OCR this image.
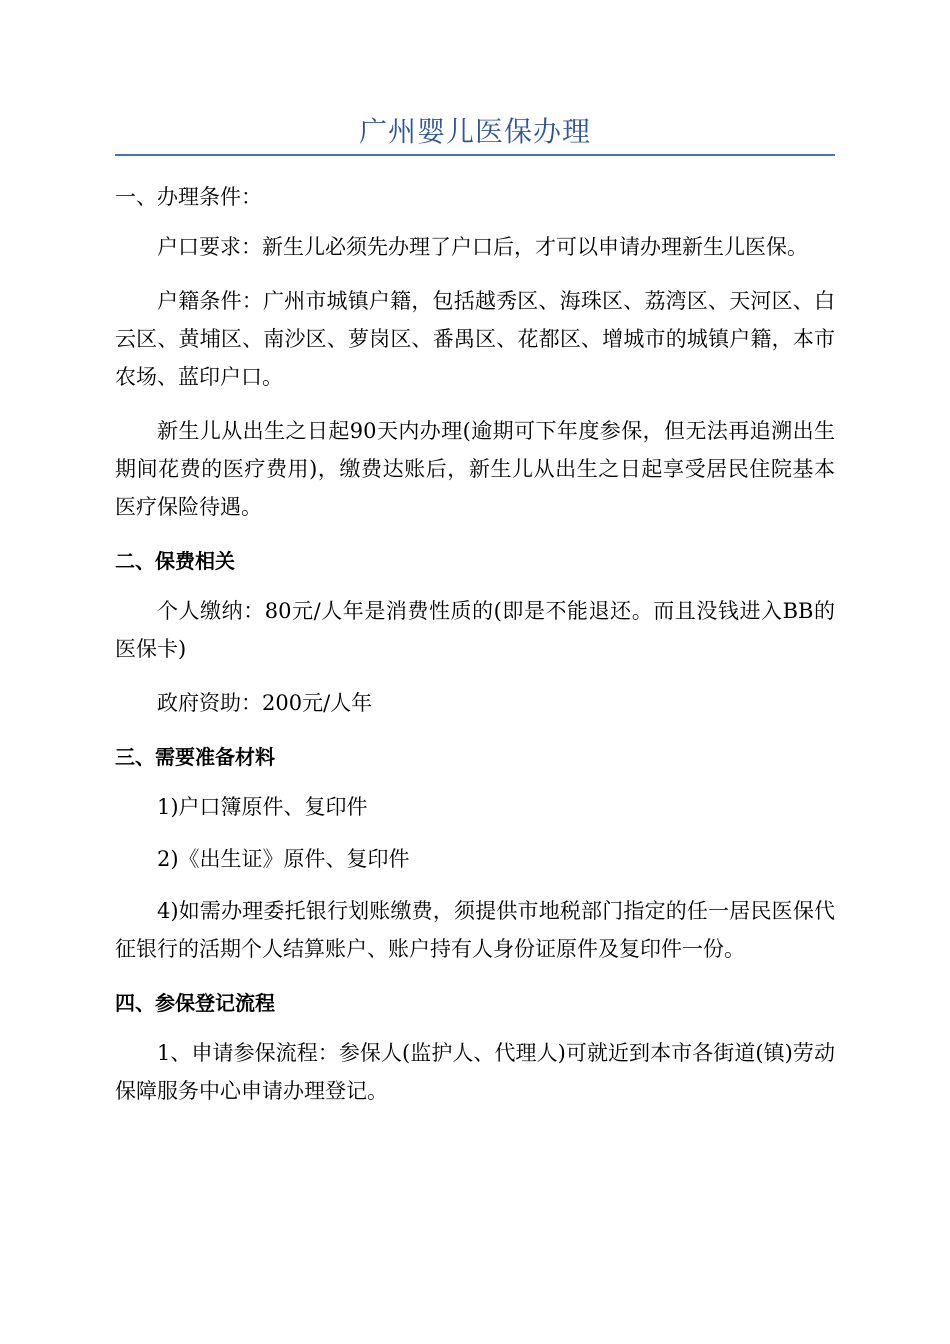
广州婴儿医保办理

一、办理条件：

户口要求：新生儿必须先办理了户口后，才可以申请办理新生儿医保。

户籍条件：广州市城镇户籍，包括越秀区、海珠区、荔湾区、天河区、白云区、黄埔区、南沙区、萝岗区、番禺区、花都区、增城市的城镇户籍，本市农场、蓝印户口。

新生儿从出生之日起90天内办理(逾期可下年度参保，但无法再追溯出生期间花费的医疗费用)，缴费达账后，新生儿从出生之日起享受居民住院基本医疗保险待遇。

二、保费相关

个人缴纳：80元/人年是消费性质的(即是不能退还。而且没钱进入BB的医保卡)

政府资助：200元/人年

三、需要准备材料

1)户口簿原件、复印件

2)《出生证》原件、复印件

4)如需办理委托银行划账缴费，须提供市地税部门指定的任一居民医保代征银行的活期个人结算账户、账户持有人身份证原件及复印件一份。

四、参保登记流程

1、申请参保流程：参保人(监护人、代理人)可就近到本市各街道(镇)劳动保障服务中心申请办理登记。
